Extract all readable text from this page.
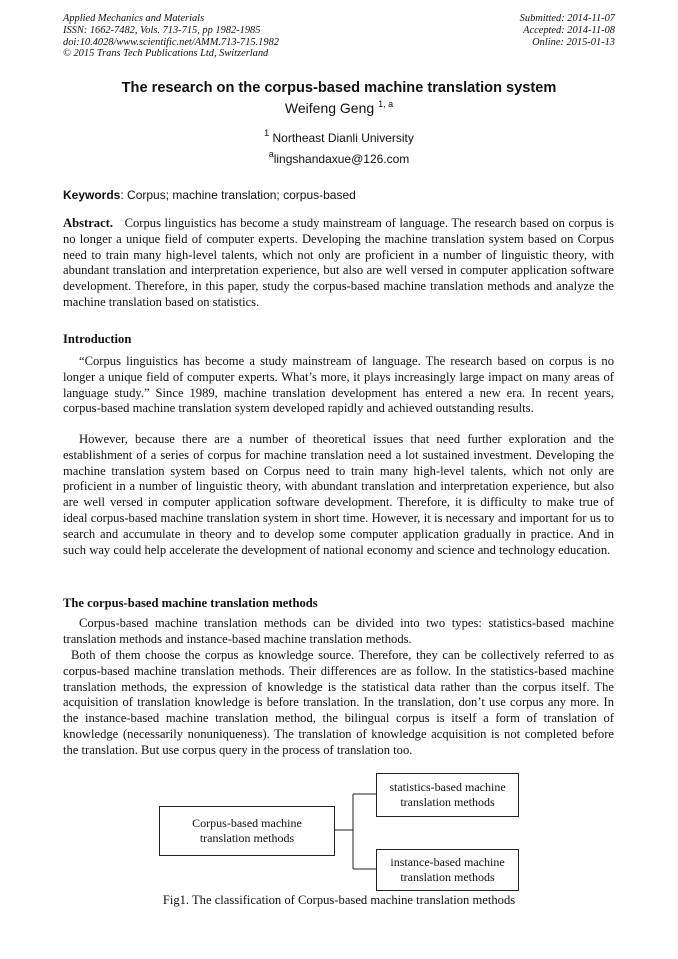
Applied Mechanics and Materials
ISSN: 1662-7482, Vols. 713-715, pp 1982-1985
doi:10.4028/www.scientific.net/AMM.713-715.1982
© 2015 Trans Tech Publications Ltd, Switzerland
Submitted: 2014-11-07
Accepted: 2014-11-08
Online: 2015-01-13
The research on the corpus-based machine translation system
Weifeng Geng $^{1, a}$
$^1$ Northeast Dianli University
$^a$lingshandaxue@126.com
Keywords: Corpus; machine translation; corpus-based
Abstract. Corpus linguistics has become a study mainstream of language. The research based on corpus is no longer a unique field of computer experts. Developing the machine translation system based on Corpus need to train many high-level talents, which not only are proficient in a number of linguistic theory, with abundant translation and interpretation experience, but also are well versed in computer application software development. Therefore, in this paper, study the corpus-based machine translation methods and analyze the machine translation based on statistics.
Introduction
“Corpus linguistics has become a study mainstream of language. The research based on corpus is no longer a unique field of computer experts. What’s more, it plays increasingly large impact on many areas of language study.” Since 1989, machine translation development has entered a new era. In recent years, corpus-based machine translation system developed rapidly and achieved outstanding results.
However, because there are a number of theoretical issues that need further exploration and the establishment of a series of corpus for machine translation need a lot sustained investment. Developing the machine translation system based on Corpus need to train many high-level talents, which not only are proficient in a number of linguistic theory, with abundant translation and interpretation experience, but also are well versed in computer application software development. Therefore, it is difficulty to make true of ideal corpus-based machine translation system in short time. However, it is necessary and important for us to search and accumulate in theory and to develop some computer application gradually in practice. And in such way could help accelerate the development of national economy and science and technology education.
The corpus-based machine translation methods
Corpus-based machine translation methods can be divided into two types: statistics-based machine translation methods and instance-based machine translation methods.
Both of them choose the corpus as knowledge source. Therefore, they can be collectively referred to as corpus-based machine translation methods. Their differences are as follow. In the statistics-based machine translation methods, the expression of knowledge is the statistical data rather than the corpus itself. The acquisition of translation knowledge is before translation. In the translation, don’t use corpus any more. In the instance-based machine translation method, the bilingual corpus is itself a form of translation of knowledge (necessarily nonuniqueness). The translation of knowledge acquisition is not completed before the translation. But use corpus query in the process of translation too.
Corpus-based machine
translation methods
statistics-based machine
translation methods
instance-based machine
translation methods
Fig1. The classification of Corpus-based machine translation methods
